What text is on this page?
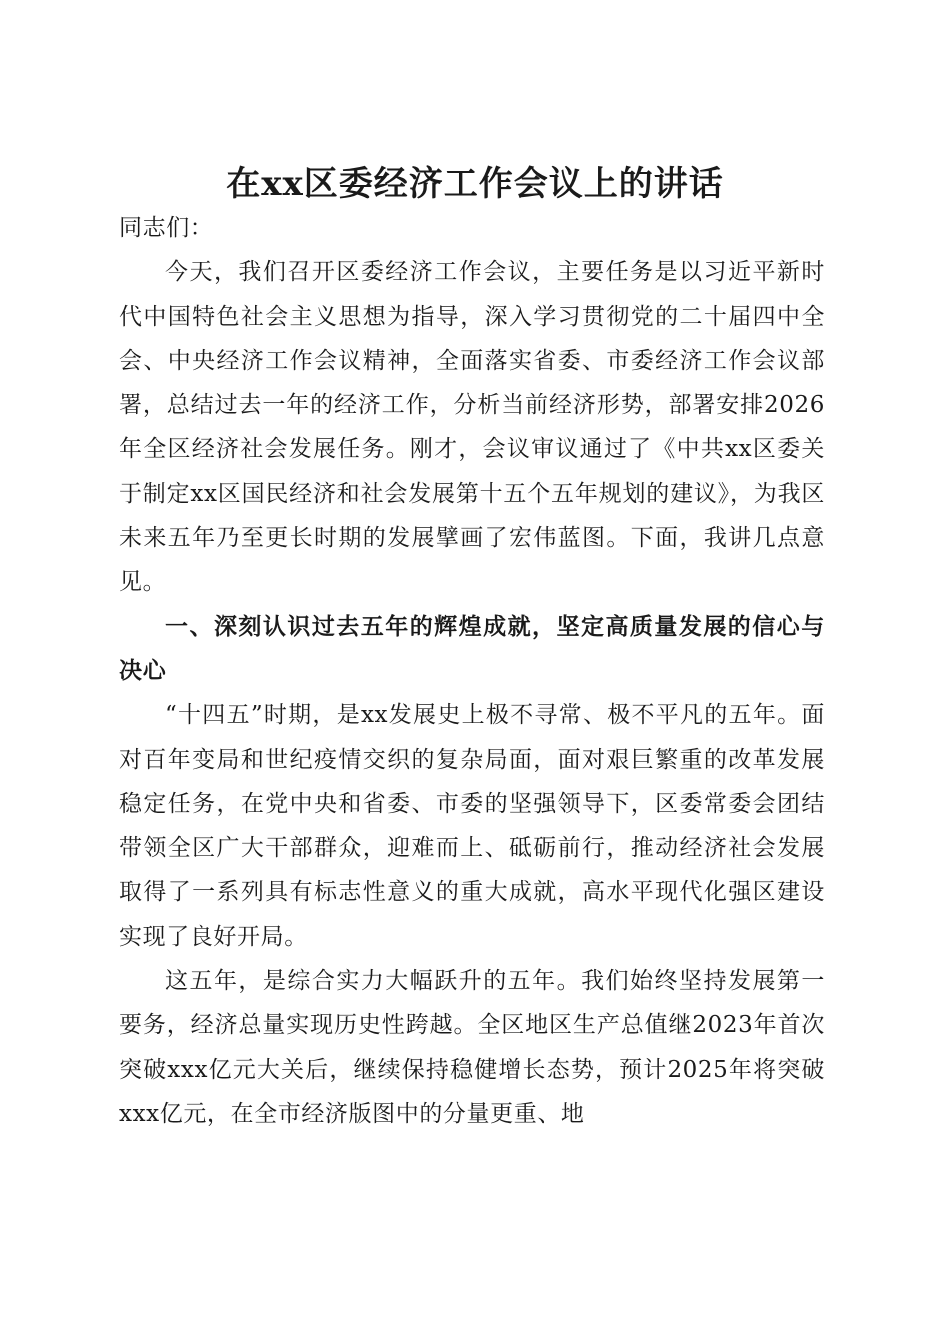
在xx区委经济工作会议上的讲话

同志们：

今天，我们召开区委经济工作会议，主要任务是以习近平新时代中国特色社会主义思想为指导，深入学习贯彻党的二十届四中全会、中央经济工作会议精神，全面落实省委、市委经济工作会议部署，总结过去一年的经济工作，分析当前经济形势，部署安排2026年全区经济社会发展任务。刚才，会议审议通过了《中共xx区委关于制定xx区国民经济和社会发展第十五个五年规划的建议》，为我区未来五年乃至更长时期的发展擘画了宏伟蓝图。下面，我讲几点意见。

一、深刻认识过去五年的辉煌成就，坚定高质量发展的信心与决心

“十四五”时期，是xx发展史上极不寻常、极不平凡的五年。面对百年变局和世纪疫情交织的复杂局面，面对艰巨繁重的改革发展稳定任务，在党中央和省委、市委的坚强领导下，区委常委会团结带领全区广大干部群众，迎难而上、砥砺前行，推动经济社会发展取得了一系列具有标志性意义的重大成就，高水平现代化强区建设实现了良好开局。

这五年，是综合实力大幅跃升的五年。我们始终坚持发展第一要务，经济总量实现历史性跨越。全区地区生产总值继2023年首次突破xxx亿元大关后，继续保持稳健增长态势，预计2025年将突破xxx亿元，在全市经济版图中的分量更重、地
